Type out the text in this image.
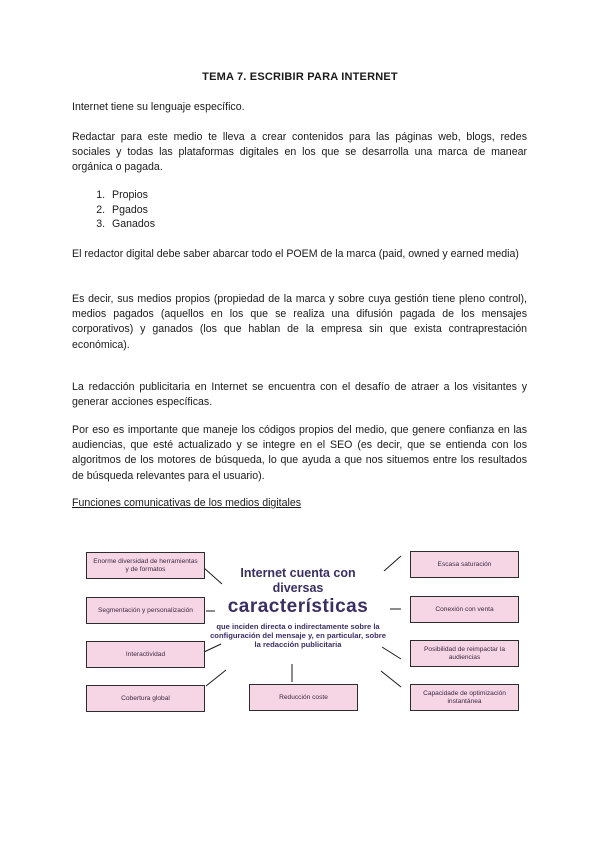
TEMA 7. ESCRIBIR PARA INTERNET

Internet tiene su lenguaje específico.

Redactar para este medio te lleva a crear contenidos para las páginas web, blogs, redes sociales y todas las plataformas digitales en los que se desarrolla una marca de manear orgánica o pagada.

1. Propios
2. Pgados
3. Ganados

El redactor digital debe saber abarcar todo el POEM de la marca (paid, owned y earned media)

Es decir, sus medios propios (propiedad de la marca y sobre cuya gestión tiene pleno control), medios pagados (aquellos en los que se realiza una difusión pagada de los mensajes corporativos) y ganados (los que hablan de la empresa sin que exista contraprestación económica).

La redacción publicitaria en Internet se encuentra con el desafío de atraer a los visitantes y generar acciones específicas.

Por eso es importante que maneje los códigos propios del medio, que genere confianza en las audiencias, que esté actualizado y se integre en el SEO (es decir, que se entienda con los algoritmos de los motores de búsqueda, lo que ayuda a que nos situemos entre los resultados de búsqueda relevantes para el usuario).

Funciones comunicativas de los medios digitales
Enorme diversidad de herramientas y de formatos
Segmentación y personalización
Interactividad
Cobertura global	Reducción coste
Escasa saturación
Conexión con venta
Posibilidad de reimpactar la audiencias
Capacidade de optimización instantánea
Internet cuenta con diversas
características
que inciden directa o indirectamente sobre la configuración del mensaje y, en particular, sobre la redacción publicitaria
